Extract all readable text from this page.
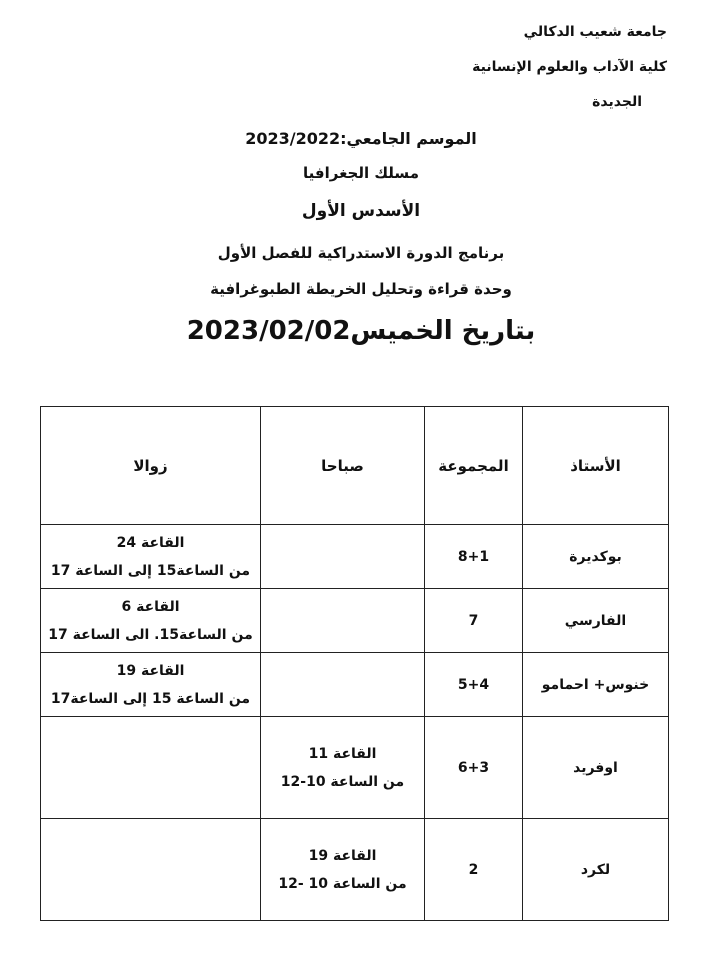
جامعة شعيب الدكالي
كلية الآداب والعلوم الإنسانية
الجديدة
الموسم الجامعي:2023/2022
مسلك الجغرافيا
الأسدس الأول
برنامج الدورة الاستدراكية للفصل الأول
وحدة قراءة وتحليل الخريطة الطبوغرافية
بتاريخ الخميس2023/02/02
الأستاذ	المجموعة	صباحا	زوالا
بوكديرة	8+1		القاعة 24
من الساعة15 إلى الساعة 17

الفارسي	7		القاعة 6
من الساعة15. الى الساعة 17

خنوس+ احمامو	5+4		القاعة 19
من الساعة 15 إلى الساعة17

اوفريد	6+3	القاعة 11
من الساعة 10-12	

لكرد	2	القاعة 19
من الساعة 10 -12	
